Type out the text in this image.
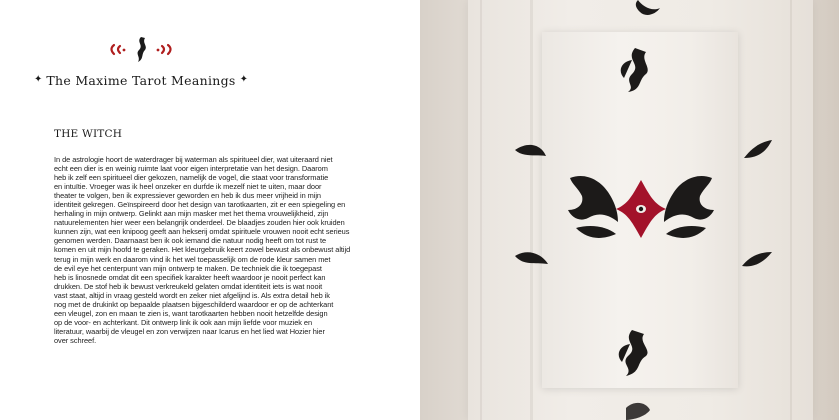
✦ The Maxime Tarot Meanings ✦
THE WITCH
In de astrologie hoort de waterdrager bij waterman als spiritueel dier, wat uiteraard niet
echt een dier is en weinig ruimte laat voor eigen interpretatie van het design. Daarom
heb ik zelf een spiritueel dier gekozen, namelijk de vogel, die staat voor transformatie
en intuïtie. Vroeger was ik heel onzeker en durfde ik mezelf niet te uiten, maar door
theater te volgen, ben ik expressiever geworden en heb ik dus meer vrijheid in mijn
identiteit gekregen. Geïnspireerd door het design van tarotkaarten, zit er een spiegeling en
herhaling in mijn ontwerp. Gelinkt aan mijn masker met het thema vrouwelijkheid, zijn
natuurelementen hier weer een belangrijk onderdeel. De blaadjes zouden hier ook kruiden
kunnen zijn, wat een knipoog geeft aan hekserij omdat spirituele vrouwen nooit echt serieus
genomen werden. Daarnaast ben ik ook iemand die natuur nodig heeft om tot rust te
komen en uit mijn hoofd te geraken. Het kleurgebruik keert zowel bewust als onbewust altijd
terug in mijn werk en daarom vind ik het wel toepasselijk om de rode kleur samen met
de evil eye het centerpunt van mijn ontwerp te maken. De techniek die ik toegepast
heb is linosnede omdat dit een specifiek karakter heeft waardoor je nooit perfect kan
drukken. De stof heb ik bewust verkreukeld gelaten omdat identiteit iets is wat nooit
vast staat, altijd in vraag gesteld wordt en zeker niet afgelijnd is. Als extra detail heb ik
nog met de drukinkt op bepaalde plaatsen bijgeschilderd waardoor er op de achterkant
een vleugel, zon en maan te zien is, want tarotkaarten hebben nooit hetzelfde design
op de voor- en achterkant. Dit ontwerp link ik ook aan mijn liefde voor muziek en
literatuur, waarbij de vleugel en zon verwijzen naar Icarus en het lied wat Hozier hier
over schreef.
